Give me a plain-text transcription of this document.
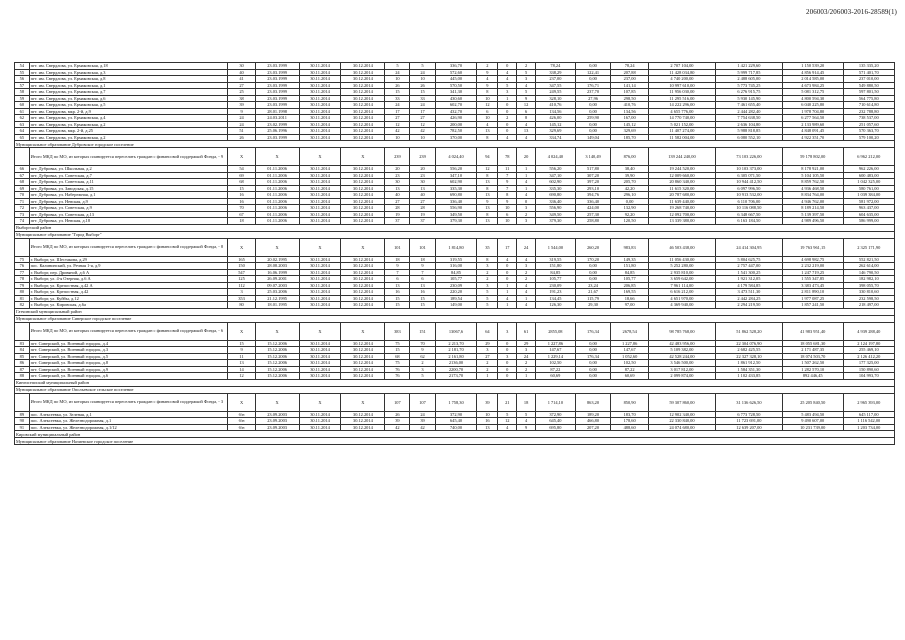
206003/206003-2016-28589(1)
54	пгт. им. Свердлова, ул. Ермаковская, д.18	30	23.03.1999	30.11.2014	30.12.2014	5	5	336,70	2	0	2	78,24	0,00	78,24	2 707 104,00	1 421 229,60	1 150 539,20	135 335,20
55	пгт. им. Свердлова, ул. Ермаковская, д.3	40	23.03.1999	30.11.2014	30.12.2014	24	24	572,60	9	4	5	338,29	122,41	207,88	11 428 034,80	5 999 717,85	4 856 914,45	571 401,70
56	пгт. им. Свердлова, ул. Ермаковская, д.8	41	23.03.1999	30.11.2014	30.12.2014	10	10	445,00	4	4	3	237,00	0,00	237,00	4 740 200,00	2 488 605,00	2 014 585,00	237 010,00
57	пгт. им. Свердлова, ул. Ермаковская, д.1	27	23.03.1999	30.11.2014	30.12.2014	26	26	570,50	9	5	4	347,55	176,71	141,14	10 997 610,00	5 773 745,25	4 673 984,25	549 880,50
58	пгт. им. Свердлова, ул. Ермаковская, д.7	25	23.03.1999	30.11.2014	30.12.2014	15	15	341,30	8	3	5	249,55	237,70	107,85	11 956 030,00	6 276 915,75	5 081 312,75	597 801,50
59	пгт. им. Свердлова, ул. Ермаковская, д.6	38	23.03.1999	30.11.2014	30.12.2014	33	33	430,60	10	1	9	328,10	27,96	298,50	11 295 516,00	5 930 145,90	4 800 594,30	564 775,80
60	пгт. им. Свердлова, ул. Ермаковская, д.5	39	23.03.1999	30.11.2014	30.12.2014	24	24	602,70	12	0	12	410,76	0,00	410,76	14 222 296,00	7 461 655,40	6 040 225,80	710 614,80
61	пгт. им. Свердлова, мкр. 2-й, д.9	9	28.01.1998	30.11.2014	30.12.2014	17	17	432,70	6	0	6	134,56	0,00	134,56	4 655 776,00	2 444 282,40	1 978 704,80	232 788,80
62	пгт. им. Свердлова, ул. Ермаковская, д.4	24	24.03.2011	30.11.2014	30.12.2014	27	27	426,90	10	2	8	426,00	259,90	167,00	14 770 740,00	7 754 638,50	6 277 564,50	738 537,00
63	пгт. им. Свердлова, ул. Ермаковская, д.2	24	23.02.1999	30.11.2014	30.12.2014	12	12	200,00	4	0	4	145,12	0,00	145,12	5 021 152,00	2 636 104,80	2 133 989,60	251 057,60
64	пгт. им. Свердлова, мкр. 2-й, д.25	51	25.06.1996	30.11.2014	30.12.2014	42	42	782,50	13	0	13	329,69	0,00	329,69	11 407 274,00	5 988 818,85	4 848 091,45	570 363,70
65	пгт. им. Свердлова, ул. Ермаковская, д.2	26	23.03.1999	30.11.2014	30.12.2014	10	10	370,00	8	4	4	334,74	149,04	185,70	11 582 004,00	6 080 552,10	4 922 351,70	579 100,20
Муниципальное образование Дубровское городское поселение																		
	Итого МКД по МО, из которых планируется переселить граждан с финансовой поддержкой Фонда, - 9	X	X	X	X	239	239	4 024,40	94	78	20	4 024,40	3 140,49	876,00	139 244 240,00	73 103 226,00	59 178 802,00	6 962 212,00
66	пгт. Дубровка, ул. Школьная, д.2	54	01.11.2006	30.11.2014	30.12.2014	20	20	556,20	12	11	1	556,20	517,80	38,40	19 244 520,00	10 103 373,00	8 178 921,00	962 226,00
67	пгт. Дубровка, ул. Советская, д.7	69	01.11.2006	30.11.2014	30.12.2014	23	23	347,10	8	7	1	347,10	307,20	39,90	12 009 660,00	6 305 071,50	5 104 105,50	600 483,00
68	пгт. Дубровка, ул. Советская, д.11	68	01.11.2006	30.11.2014	30.12.2014	30	30	602,90	13	9	4	602,90	397,20	205,70	20 860 340,00	10 944 412,50	8 859 762,50	1 042 325,00
69	пгт. Дубровка, ул. Заводская, д.15	15	01.11.2006	30.11.2014	30.12.2014	13	13	335,30	8	7	1	335,30	293,10	42,20	11 615 320,00	6 097 996,50	4 936 468,50	580 761,00
70	пгт. Дубровка, ул. Набережная, д.1	16	01.11.2006	30.11.2014	30.12.2014	40	40	690,80	13	8	4	690,80	394,76	296,10	20 787 680,00	10 913 532,00	8 834 764,00	1 039 384,00
71	пгт. Дубровка, ул. Невская, д.9	16	01.11.2006	30.11.2014	30.12.2014	27	27	336,40	9	9	0	336,40	336,40	0,00	11 639 440,00	6 110 706,00	4 946 762,00	581 972,00
72	пгт. Дубровка, ул. Советская, д.9	70	01.11.2006	30.11.2014	30.12.2014	28	28	556,90	13	10	3	556,90	424,00	132,90	19 268 740,00	10 116 088,50	8 189 214,50	963 437,00
73	пгт. Дубровка, ул. Советская, д.13	67	01.11.2006	30.11.2014	30.12.2014	19	19	349,50	8	6	2	349,50	257,30	92,20	12 092 700,00	6 348 667,50	5 139 397,50	604 635,00
74	пгт. Дубровка, ул. Невская, д.18	18	01.11.2006	30.11.2014	30.12.2014	37	37	379,30	13	10	3	379,30	258,80	120,50	13 339 380,00	6 163 184,50	4 989 496,50	586 999,00
Выборгский район																		
Муниципальное образование "Город Выборг"																		
	Итого МКД по МО, из которых планируется переселить граждан с финансовой поддержкой Фонда, - 8	X	X	X	X	101	101	1 814,80	35	17	24	1 544,00	260,20	983,83	46 503 438,00	24 414 304,95	19 763 961,15	2 325 171,90
75	г. Выборг, ул. Шестакова, д.29	165	20.02.1995	30.11.2014	30.12.2014	18	18	319,55	8	4	4	319,55	170,20	149,35	11 056 430,00	5 804 625,75	4 698 982,75	552 821,50
76	пос. Калининский, ул. Речная 1-я, д.9	150	28.08.2003	30.11.2014	30.12.2014	9	9	316,00	3	0	3	151,80	0,00	151,80	5 252 280,00	2 757 447,00	2 232 219,00	262 614,00
77	г. Выборг, пер. Дровяной, д.6 А	547	16.06.1999	30.11.2014	30.12.2014	7	7	84,85	2	0	2	84,85	0,00	84,85	2 935 810,00	1 541 300,25	1 247 719,25	146 790,50
78	г. Выборг, ул. 4-я Озерная, д.6 А	125	26.09.2001	30.11.2014	30.12.2014	6	6	105,77	2	0	2	105,77	0,00	105,77	3 659 642,00	1 921 312,05	1 555 347,85	182 982,10
79	г. Выборг, ул. Крепостная, д.42 А	112	09.07.2003	30.11.2014	30.12.2014	13	13	230,09	3	1	4	230,09	23,24	206,85	7 961 114,00	4 179 584,85	3 383 473,45	398 055,70
80	г. Выборг, ул. Крепостная, д.42	3	25.03.2006	30.11.2014	30.12.2014	16	16	220,20	5	1	4	191,23	21,67	169,55	6 616 212,00	3 473 511,30	2 811 890,10	330 810,60
81	г. Выборг, ул. Куйбы, д.12	353	21.12.1995	30.11.2014	30.12.2014	15	15	189,54	5	4	1	134,45	115,79	18,66	4 651 970,00	2 442 284,25	1 977 087,25	232 598,50
82	г. Выборг, ул. Кировская, д.6а	80	18.01.1995	30.11.2014	30.12.2014	15	15	149,00	5	1	4	126,30	29,30	97,00	4 369 940,00	2 294 219,50	1 857 241,50	218 497,00
Гатчинский муниципальный район																		
Муниципальное образование Сиверское городское поселение																		
	Итого МКД по МО, из которых планируется переселить граждан с финансовой поддержкой Фонда, - 6	X	X	X	X	383	151	13067,6	64	3	61	2855,08	176,34	2678,54	98 785 768,00	51 862 528,20	41 983 951,40	4 939 288,40
83	пгт. Сиверский, ул. Военный городок, д.4	15	15.12.2006	30.11.2014	30.12.2014	75	70	2 213,70	29	0	29	1 227,86	0,00	1 227,86	42 483 956,00	22 304 076,90	18 055 681,30	2 124 197,80
84	пгт. Сиверский, ул. Военный городок, д.3	9	15.12.2006	30.11.2014	30.12.2014	15	9	2 181,70	3	0	3	147,67	0,00	147,67	5 109 382,00	2 682 425,55	2 171 487,35	255 469,10
85	пгт. Сиверский, ул. Военный городок, д.5	11	15.12.2006	30.11.2014	30.12.2014	68	62	2 161,80	27	3	24	1 229,14	176,34	1 052,60	42 528 244,00	22 327 328,10	18 074 503,70	2 126 412,20
86	пгт. Сиверский, ул. Военный городок, д.8	13	15.12.2006	30.11.2014	30.12.2014	75	2	2136,00	2	0	2	102,50	0,00	102,50	3 546 500,00	1 861 912,50	1 507 262,50	177 325,00
87	пгт. Сиверский, ул. Военный городок, д.9	14	15.12.2006	30.11.2014	30.12.2014	76	3	2200,70	2	0	2	87,22	0,00	87,22	3 017 812,00	1 584 351,30	1 282 570,10	150 890,60
88	пгт. Сиверский, ул. Военный городок, д.6	12	15.12.2006	30.11.2014	30.12.2014	76	5	2173,70	1	0	1	60,69	0,00	60,69	2 099 874,00	1 102 433,85	892 446,45	104 993,70
Кингисеппский муниципальный район																		
Муниципальное образование Опольевское сельское поселение																		
	Итого МКД по МО, из которых планируется переселить граждан с финансовой поддержкой Фонда, - 3	X	X	X	X	107	107	1 758,30	39	21	18	1 714,10	863,20	850,90	59 307 860,00	31 136 626,50	25 205 840,50	2 965 393,00
89	пос. Алексеевка, ул. Зеленая, д.1	б/н	23.09.2003	30.11.2014	30.12.2014	26	24	372,90	10	5	5	372,90	189,20	183,70	12 902 340,00	6 773 728,50	5 483 494,50	645 117,00
90	пос. Алексеевка, ул. Железнодорожная, д.1	б/н	23.09.2003	30.11.2014	30.12.2014	39	39	645,40	16	12	4	645,40	466,80	178,60	22 330 840,00	11 723 691,00	9 490 607,00	1 116 542,00
91	пос. Алексеевка, ул. Железнодорожная, д.1/12	б/н	23.09.2003	30.11.2014	30.12.2014	42	42	740,00	13	4	9	695,80	207,20	488,60	24 074 680,00	12 639 207,00	10 231 739,00	1 203 734,00
Кировский муниципальный район																		
Муниципальное образование Назиевское городское поселение																		
